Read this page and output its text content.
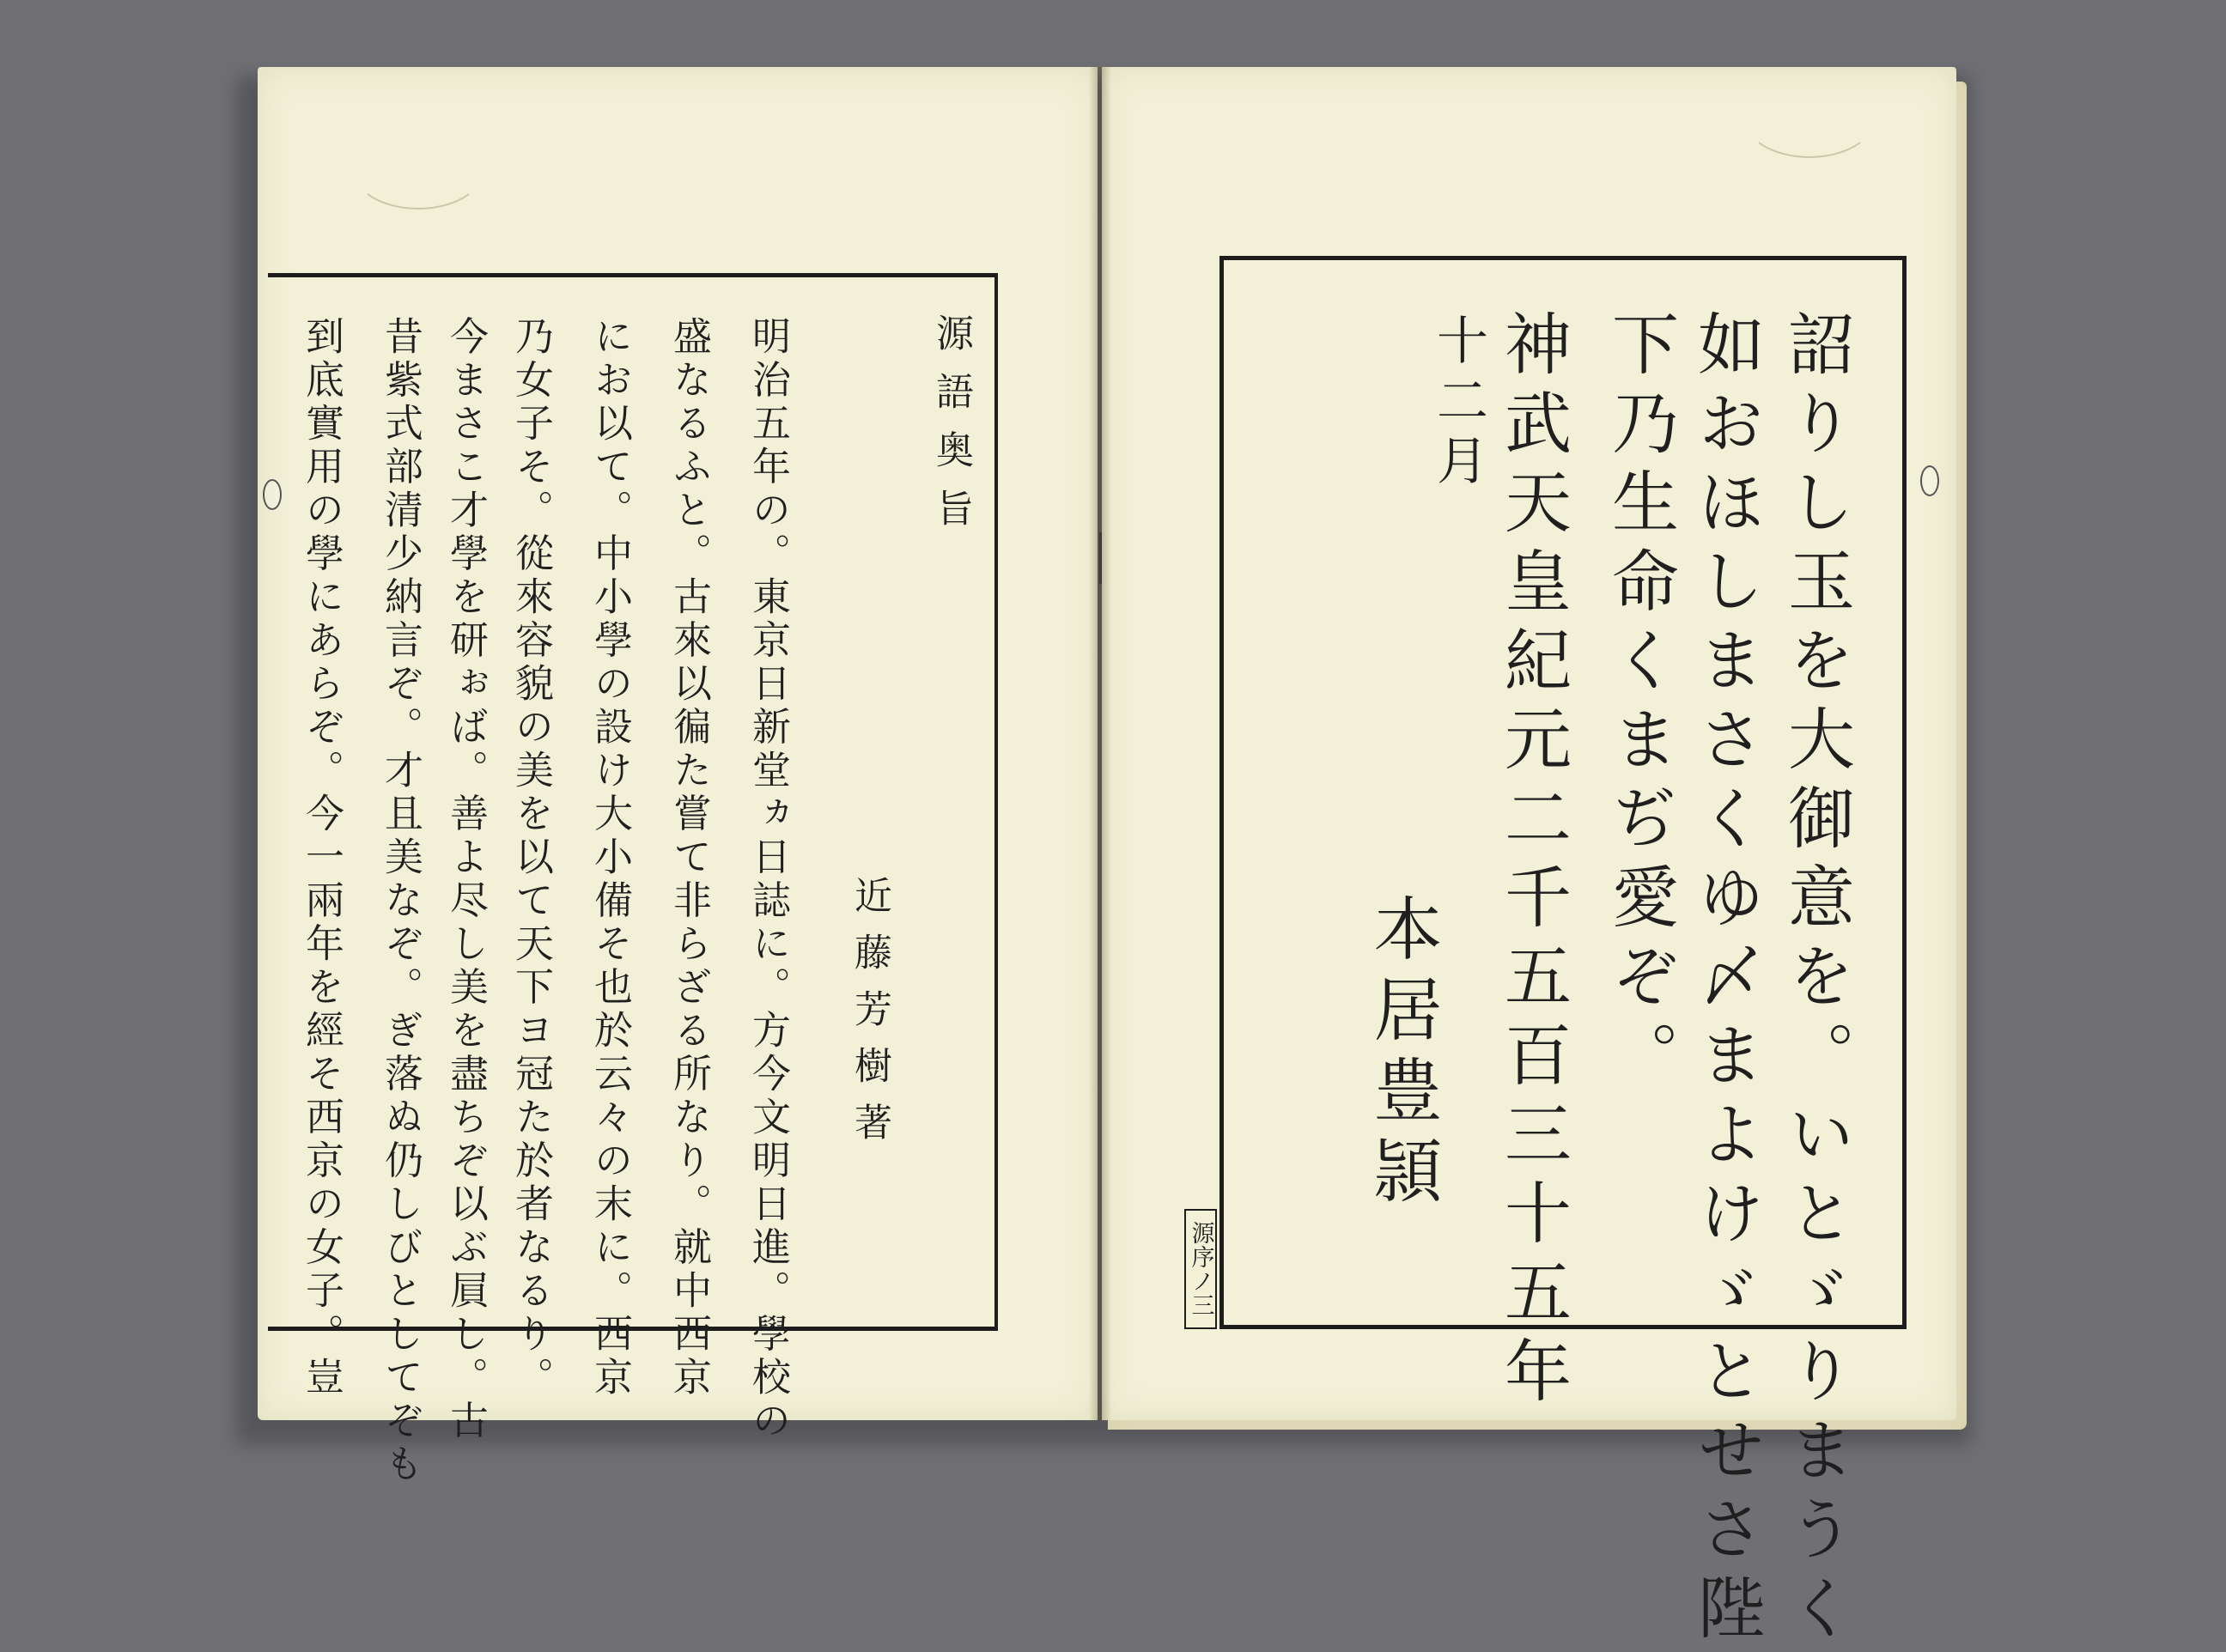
源語奥旨
近藤芳樹著
明治五年の。東京日新堂ヵ日誌に。方今文明日進。學校の
盛なるふと。古來以徧た嘗て非らざる所なり。就中西京
にお以て。中小學の設け大小備そ也於云々の末に。西京
乃女子そ。從來容貌の美を以て天下ヨ冠た於者なるり。
今まさこ才學を研ぉば。善よ尽し美を盡ちぞ以ぶ屓し。古
昔紫式部清少納言ぞ。才且美なぞ。ぎ落ぬ仍しびとしてぞも
到底實用の學にあらぞ。今一兩年を經そ西京の女子。豈	詔りし玉を大御意を。いとゞりまうく
如おほしまさくゆ〆まよけゞとせさ陛
下乃生命くまぢ愛ぞ。
神武天皇紀元二千五百三十五年
十二月
本居豊頴
源序ノ三
